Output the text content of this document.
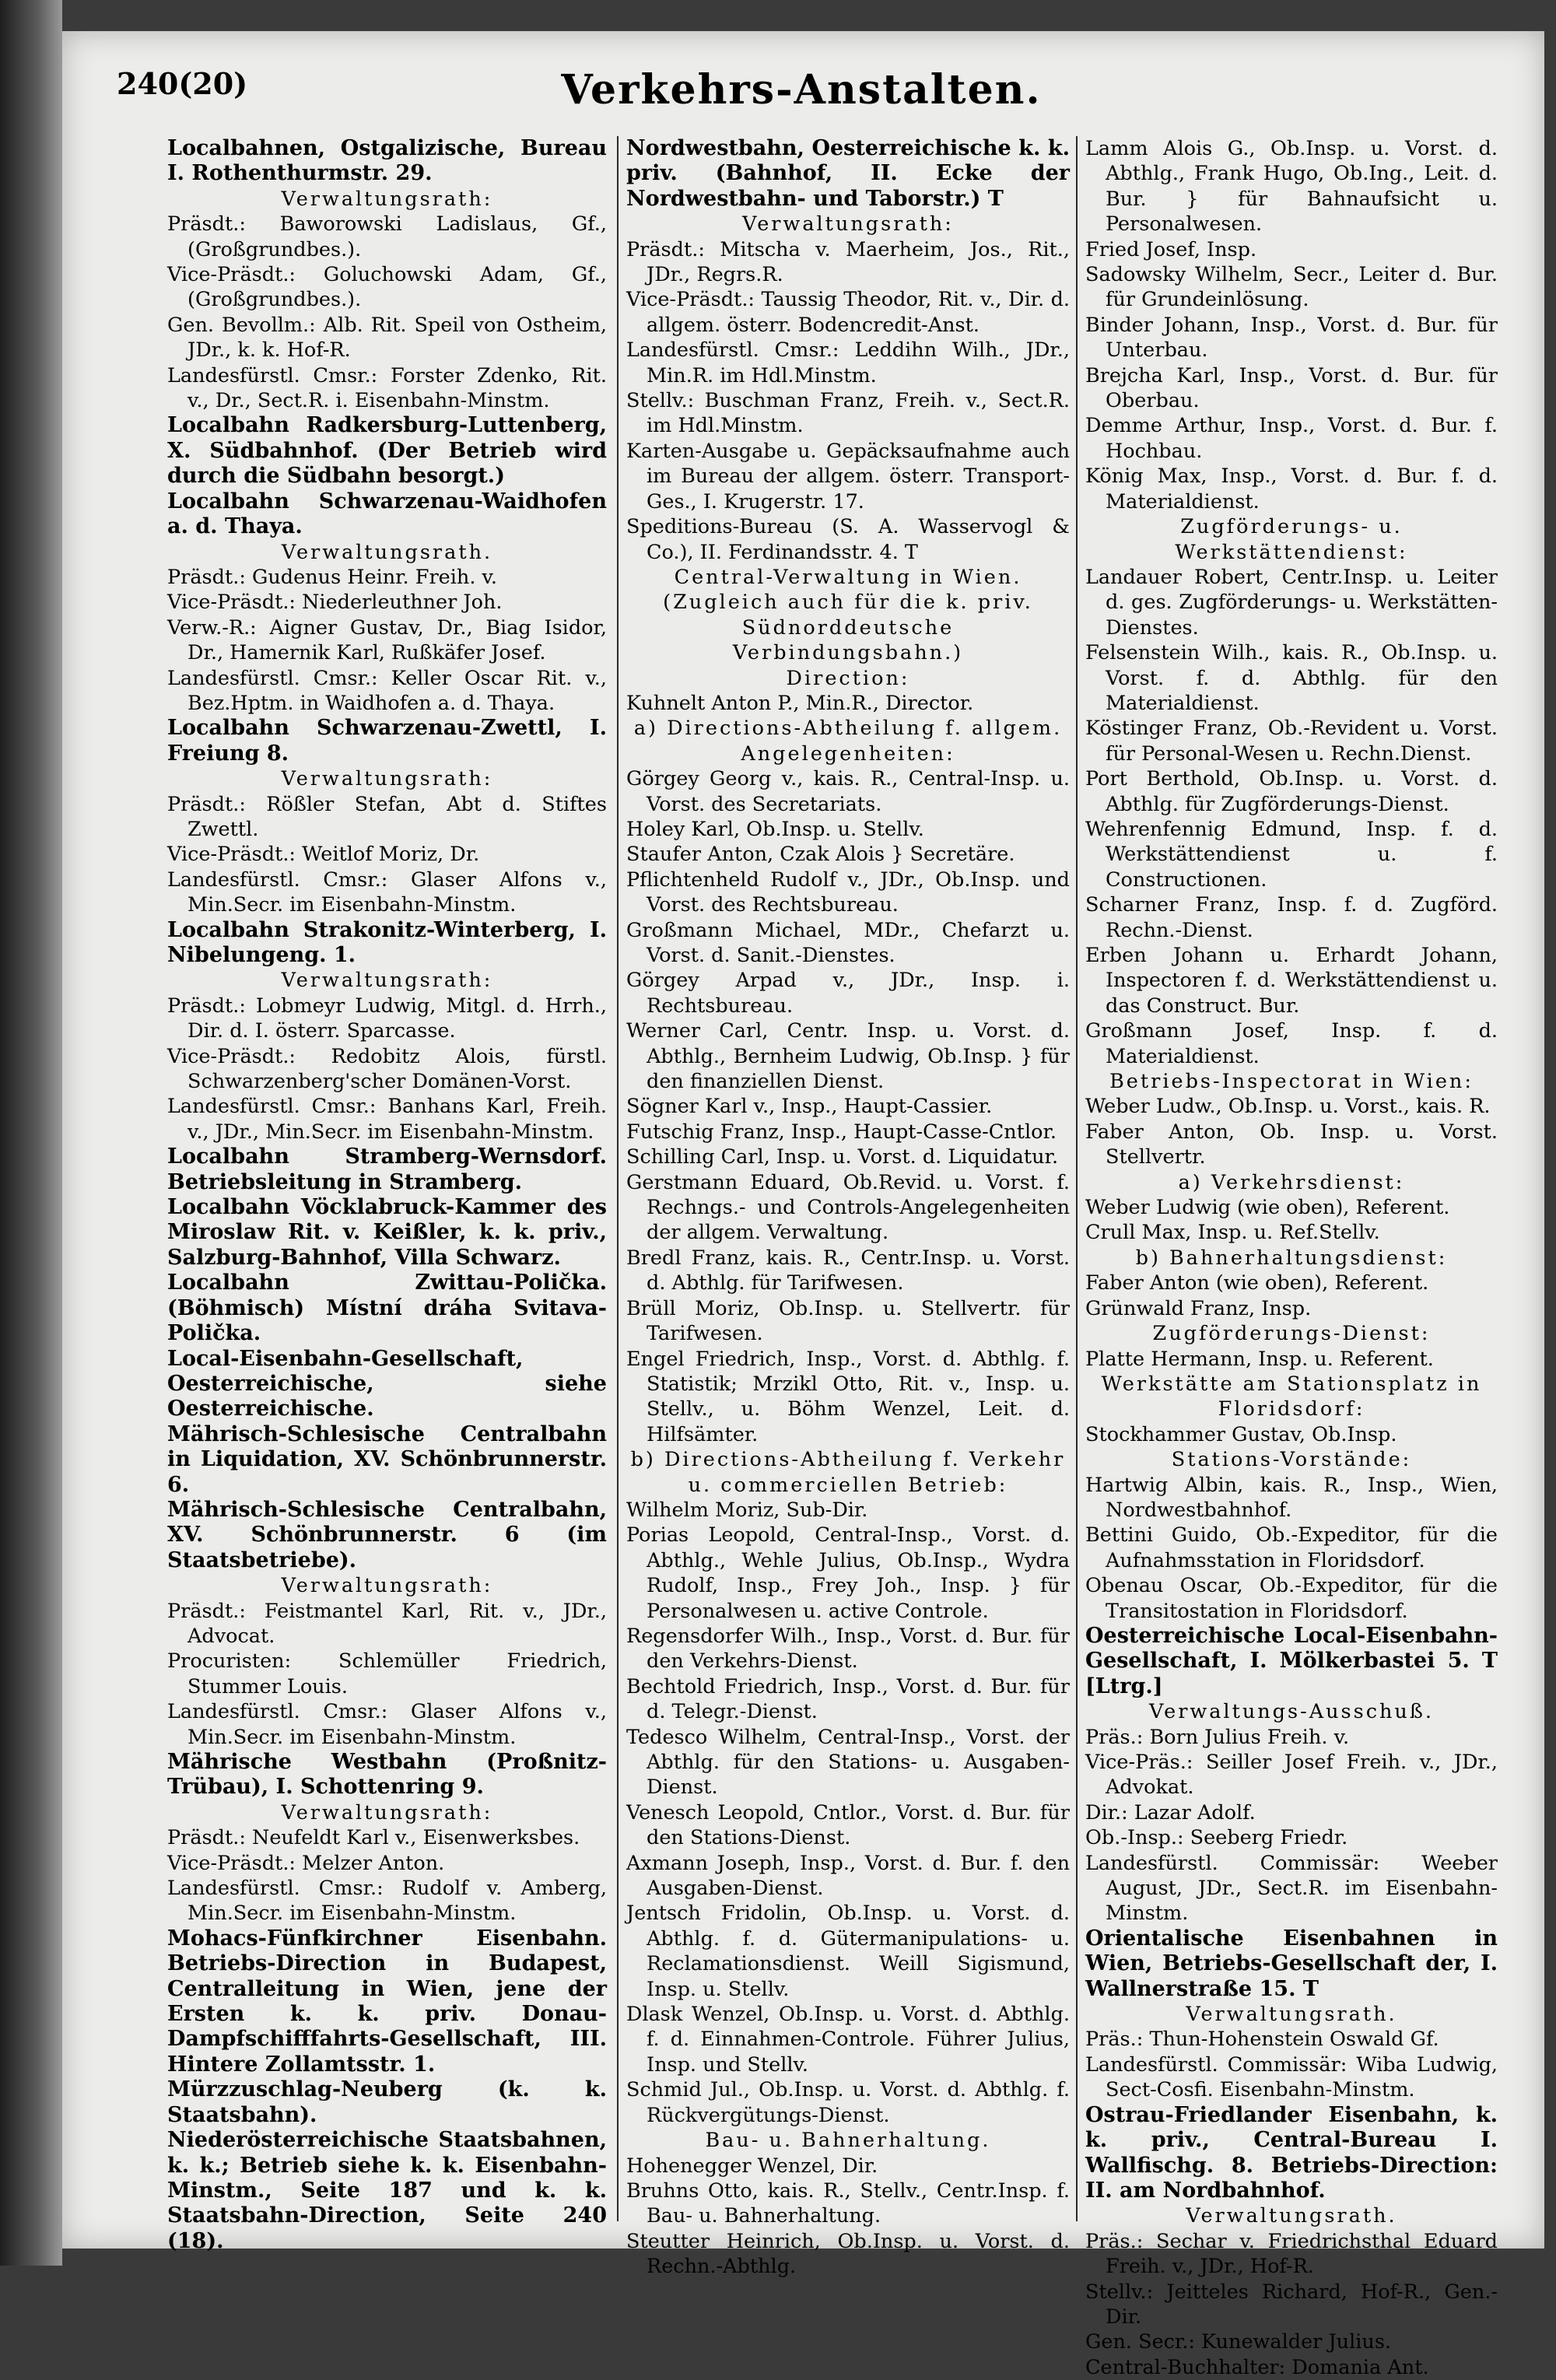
240(20)	Verkehrs-Anstalten.

Localbahnen, Ostgalizische, Bureau I. Rothenthurmstr. 29.

Verwaltungsrath:

Präsdt.: Baworowski Ladislaus, Gf., (Großgrundbes.).

Vice-Präsdt.: Goluchowski Adam, Gf., (Großgrundbes.).

Gen. Bevollm.: Alb. Rit. Speil von Ostheim, JDr., k. k. Hof-R.

Landesfürstl. Cmsr.: Forster Zdenko, Rit. v., Dr., Sect.R. i. Eisenbahn-Minstm.

Localbahn Radkersburg-Luttenberg, X. Südbahnhof. (Der Betrieb wird durch die Südbahn besorgt.)

Localbahn Schwarzenau-Waidhofen a. d. Thaya.

Verwaltungsrath.

Präsdt.: Gudenus Heinr. Freih. v.

Vice-Präsdt.: Niederleuthner Joh.

Verw.-R.: Aigner Gustav, Dr., Biag Isidor, Dr., Hamernik Karl, Rußkäfer Josef.

Landesfürstl. Cmsr.: Keller Oscar Rit. v., Bez.Hptm. in Waidhofen a. d. Thaya.

Localbahn Schwarzenau-Zwettl, I. Freiung 8.

Verwaltungsrath:

Präsdt.: Rößler Stefan, Abt d. Stiftes Zwettl.

Vice-Präsdt.: Weitlof Moriz, Dr.

Landesfürstl. Cmsr.: Glaser Alfons v., Min.Secr. im Eisenbahn-Minstm.

Localbahn Strakonitz-Winterberg, I. Nibelungeng. 1.

Verwaltungsrath:

Präsdt.: Lobmeyr Ludwig, Mitgl. d. Hrrh., Dir. d. I. österr. Sparcasse.

Vice-Präsdt.: Redobitz Alois, fürstl. Schwarzenberg'scher Domänen-Vorst.

Landesfürstl. Cmsr.: Banhans Karl, Freih. v., JDr., Min.Secr. im Eisenbahn-Minstm.

Localbahn Stramberg-Wernsdorf. Betriebsleitung in Stramberg.

Localbahn Vöcklabruck-Kammer des Miroslaw Rit. v. Keißler, k. k. priv., Salzburg-Bahnhof, Villa Schwarz.

Localbahn Zwittau-Polička. (Böhmisch) Místní dráha Svitava-Polička.

Local-Eisenbahn-Gesellschaft, Oesterreichische, siehe Oesterreichische.

Mährisch-Schlesische Centralbahn in Liquidation, XV. Schönbrunnerstr. 6.

Mährisch-Schlesische Centralbahn, XV. Schönbrunnerstr. 6 (im Staatsbetriebe).

Verwaltungsrath:

Präsdt.: Feistmantel Karl, Rit. v., JDr., Advocat.

Procuristen: Schlemüller Friedrich, Stummer Louis.

Landesfürstl. Cmsr.: Glaser Alfons v., Min.Secr. im Eisenbahn-Minstm.

Mährische Westbahn (Proßnitz-Trübau), I. Schottenring 9.

Verwaltungsrath:

Präsdt.: Neufeldt Karl v., Eisenwerksbes.

Vice-Präsdt.: Melzer Anton.

Landesfürstl. Cmsr.: Rudolf v. Amberg, Min.Secr. im Eisenbahn-Minstm.

Mohacs-Fünfkirchner Eisenbahn. Betriebs-Direction in Budapest, Centralleitung in Wien, jene der Ersten k. k. priv. Donau-Dampfschifffahrts-Gesellschaft, III. Hintere Zollamtsstr. 1.

Mürzzuschlag-Neuberg (k. k. Staatsbahn).

Niederösterreichische Staatsbahnen, k. k.; Betrieb siehe k. k. Eisenbahn-Minstm., Seite 187 und k. k. Staatsbahn-Direction, Seite 240 (18).

Nordwestbahn, Oesterreichische k. k. priv. (Bahnhof, II. Ecke der Nordwestbahn- und Taborstr.) T

Verwaltungsrath:

Präsdt.: Mitscha v. Maerheim, Jos., Rit., JDr., Regrs.R.

Vice-Präsdt.: Taussig Theodor, Rit. v., Dir. d. allgem. österr. Bodencredit-Anst.

Landesfürstl. Cmsr.: Leddihn Wilh., JDr., Min.R. im Hdl.Minstm.

Stellv.: Buschman Franz, Freih. v., Sect.R. im Hdl.Minstm.

Karten-Ausgabe u. Gepäcksaufnahme auch im Bureau der allgem. österr. Transport-Ges., I. Krugerstr. 17.

Speditions-Bureau (S. A. Wasservogl & Co.), II. Ferdinandsstr. 4. T

Central-Verwaltung in Wien.

(Zugleich auch für die k. priv. Südnorddeutsche Verbindungsbahn.)

Direction:

Kuhnelt Anton P., Min.R., Director.

a) Directions-Abtheilung f. allgem. Angelegenheiten:

Görgey Georg v., kais. R., Central-Insp. u. Vorst. des Secretariats.

Holey Karl, Ob.Insp. u. Stellv.

Staufer Anton, Czak Alois } Secretäre.

Pflichtenheld Rudolf v., JDr., Ob.Insp. und Vorst. des Rechtsbureau.

Großmann Michael, MDr., Chefarzt u. Vorst. d. Sanit.-Dienstes.

Görgey Arpad v., JDr., Insp. i. Rechtsbureau.

Werner Carl, Centr. Insp. u. Vorst. d. Abthlg., Bernheim Ludwig, Ob.Insp. } für den finanziellen Dienst.

Sögner Karl v., Insp., Haupt-Cassier.

Futschig Franz, Insp., Haupt-Casse-Cntlor.

Schilling Carl, Insp. u. Vorst. d. Liquidatur.

Gerstmann Eduard, Ob.Revid. u. Vorst. f. Rechngs.- und Controls-Angelegenheiten der allgem. Verwaltung.

Bredl Franz, kais. R., Centr.Insp. u. Vorst. d. Abthlg. für Tarifwesen.

Brüll Moriz, Ob.Insp. u. Stellvertr. für Tarifwesen.

Engel Friedrich, Insp., Vorst. d. Abthlg. f. Statistik; Mrzikl Otto, Rit. v., Insp. u. Stellv., u. Böhm Wenzel, Leit. d. Hilfsämter.

b) Directions-Abtheilung f. Verkehr u. commerciellen Betrieb:

Wilhelm Moriz, Sub-Dir.

Porias Leopold, Central-Insp., Vorst. d. Abthlg., Wehle Julius, Ob.Insp., Wydra Rudolf, Insp., Frey Joh., Insp. } für Personalwesen u. active Controle.

Regensdorfer Wilh., Insp., Vorst. d. Bur. für den Verkehrs-Dienst.

Bechtold Friedrich, Insp., Vorst. d. Bur. für d. Telegr.-Dienst.

Tedesco Wilhelm, Central-Insp., Vorst. der Abthlg. für den Stations- u. Ausgaben-Dienst.

Venesch Leopold, Cntlor., Vorst. d. Bur. für den Stations-Dienst.

Axmann Joseph, Insp., Vorst. d. Bur. f. den Ausgaben-Dienst.

Jentsch Fridolin, Ob.Insp. u. Vorst. d. Abthlg. f. d. Gütermanipulations- u. Reclamationsdienst. Weill Sigismund, Insp. u. Stellv.

Dlask Wenzel, Ob.Insp. u. Vorst. d. Abthlg. f. d. Einnahmen-Controle. Führer Julius, Insp. und Stellv.

Schmid Jul., Ob.Insp. u. Vorst. d. Abthlg. f. Rückvergütungs-Dienst.

Bau- u. Bahnerhaltung.

Hohenegger Wenzel, Dir.

Bruhns Otto, kais. R., Stellv., Centr.Insp. f. Bau- u. Bahnerhaltung.

Steutter Heinrich, Ob.Insp. u. Vorst. d. Rechn.-Abthlg.

Lamm Alois G., Ob.Insp. u. Vorst. d. Abthlg., Frank Hugo, Ob.Ing., Leit. d. Bur. } für Bahnaufsicht u. Personalwesen.

Fried Josef, Insp.

Sadowsky Wilhelm, Secr., Leiter d. Bur. für Grundeinlösung.

Binder Johann, Insp., Vorst. d. Bur. für Unterbau.

Brejcha Karl, Insp., Vorst. d. Bur. für Oberbau.

Demme Arthur, Insp., Vorst. d. Bur. f. Hochbau.

König Max, Insp., Vorst. d. Bur. f. d. Materialdienst.

Zugförderungs- u. Werkstättendienst:

Landauer Robert, Centr.Insp. u. Leiter d. ges. Zugförderungs- u. Werkstätten-Dienstes.

Felsenstein Wilh., kais. R., Ob.Insp. u. Vorst. f. d. Abthlg. für den Materialdienst.

Köstinger Franz, Ob.-Revident u. Vorst. für Personal-Wesen u. Rechn.Dienst.

Port Berthold, Ob.Insp. u. Vorst. d. Abthlg. für Zugförderungs-Dienst.

Wehrenfennig Edmund, Insp. f. d. Werkstättendienst u. f. Constructionen.

Scharner Franz, Insp. f. d. Zugförd. Rechn.-Dienst.

Erben Johann u. Erhardt Johann, Inspectoren f. d. Werkstättendienst u. das Construct. Bur.

Großmann Josef, Insp. f. d. Materialdienst.

Betriebs-Inspectorat in Wien:

Weber Ludw., Ob.Insp. u. Vorst., kais. R.

Faber Anton, Ob. Insp. u. Vorst. Stellvertr.

a) Verkehrsdienst:

Weber Ludwig (wie oben), Referent.

Crull Max, Insp. u. Ref.Stellv.

b) Bahnerhaltungsdienst:

Faber Anton (wie oben), Referent.

Grünwald Franz, Insp.

Zugförderungs-Dienst:

Platte Hermann, Insp. u. Referent.

Werkstätte am Stationsplatz in Floridsdorf:

Stockhammer Gustav, Ob.Insp.

Stations-Vorstände:

Hartwig Albin, kais. R., Insp., Wien, Nordwestbahnhof.

Bettini Guido, Ob.-Expeditor, für die Aufnahmsstation in Floridsdorf.

Obenau Oscar, Ob.-Expeditor, für die Transitostation in Floridsdorf.

Oesterreichische Local-Eisenbahn-Gesellschaft, I. Mölkerbastei 5. T [Ltrg.]

Verwaltungs-Ausschuß.

Präs.: Born Julius Freih. v.

Vice-Präs.: Seiller Josef Freih. v., JDr., Advokat.

Dir.: Lazar Adolf.

Ob.-Insp.: Seeberg Friedr.

Landesfürstl. Commissär: Weeber August, JDr., Sect.R. im Eisenbahn-Minstm.

Orientalische Eisenbahnen in Wien, Betriebs-Gesellschaft der, I. Wallnerstraße 15. T

Verwaltungsrath.

Präs.: Thun-Hohenstein Oswald Gf.

Landesfürstl. Commissär: Wiba Ludwig, Sect-Cosfi. Eisenbahn-Minstm.

Ostrau-Friedlander Eisenbahn, k. k. priv., Central-Bureau I. Wallfischg. 8. Betriebs-Direction: II. am Nordbahnhof.

Verwaltungsrath.

Präs.: Sechar v. Friedrichsthal Eduard Freih. v., JDr., Hof-R.

Stellv.: Jeitteles Richard, Hof-R., Gen.-Dir.

Gen. Secr.: Kunewalder Julius.

Central-Buchhalter: Domania Ant.
